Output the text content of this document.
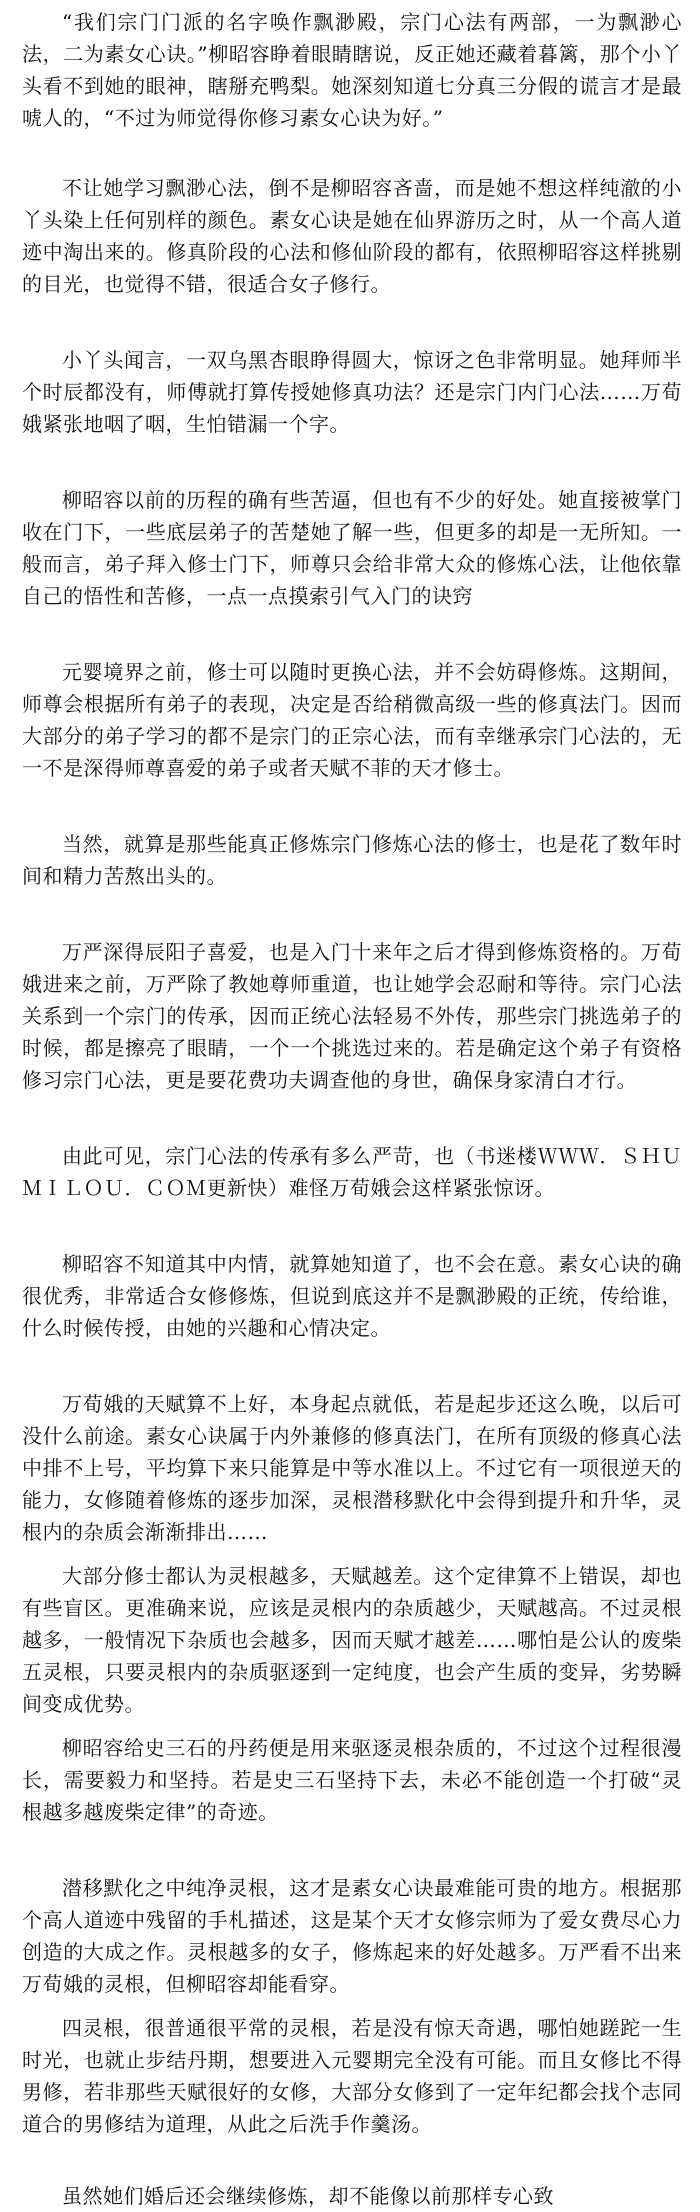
“我们宗门门派的名字唤作飘渺殿，宗门心法有两部，一为飘渺心法，二为素女心诀。”柳昭容睁着眼睛瞎说，反正她还藏着暮篱，那个小丫头看不到她的眼神，瞎掰充鸭梨。她深刻知道七分真三分假的谎言才是最唬人的，“不过为师觉得你修习素女心诀为好。”

不让她学习飘渺心法，倒不是柳昭容吝啬，而是她不想这样纯澈的小丫头染上任何别样的颜色。素女心诀是她在仙界游历之时，从一个高人道迹中淘出来的。修真阶段的心法和修仙阶段的都有，依照柳昭容这样挑剔的目光，也觉得不错，很适合女子修行。

小丫头闻言，一双乌黑杏眼睁得圆大，惊讶之色非常明显。她拜师半个时辰都没有，师傅就打算传授她修真功法？还是宗门内门心法……万荀娥紧张地咽了咽，生怕错漏一个字。

柳昭容以前的历程的确有些苦逼，但也有不少的好处。她直接被掌门收在门下，一些底层弟子的苦楚她了解一些，但更多的却是一无所知。一般而言，弟子拜入修士门下，师尊只会给非常大众的修炼心法，让他依靠自己的悟性和苦修，一点一点摸索引气入门的诀窍

元婴境界之前，修士可以随时更换心法，并不会妨碍修炼。这期间，师尊会根据所有弟子的表现，决定是否给稍微高级一些的修真法门。因而大部分的弟子学习的都不是宗门的正宗心法，而有幸继承宗门心法的，无一不是深得师尊喜爱的弟子或者天赋不菲的天才修士。

当然，就算是那些能真正修炼宗门修炼心法的修士，也是花了数年时间和精力苦熬出头的。

万严深得辰阳子喜爱，也是入门十来年之后才得到修炼资格的。万荀娥进来之前，万严除了教她尊师重道，也让她学会忍耐和等待。宗门心法关系到一个宗门的传承，因而正统心法轻易不外传，那些宗门挑选弟子的时候，都是擦亮了眼睛，一个一个挑选过来的。若是确定这个弟子有资格修习宗门心法，更是要花费功夫调查他的身世，确保身家清白才行。

由此可见，宗门心法的传承有多么严苛，也（书迷楼ＷＷＷ．ＳＨＵＭＩＬＯＵ．ＣＯＭ更新快）难怪万荀娥会这样紧张惊讶。

柳昭容不知道其中内情，就算她知道了，也不会在意。素女心诀的确很优秀，非常适合女修修炼，但说到底这并不是飘渺殿的正统，传给谁，什么时候传授，由她的兴趣和心情决定。

万荀娥的天赋算不上好，本身起点就低，若是起步还这么晚，以后可没什么前途。素女心诀属于内外兼修的修真法门，在所有顶级的修真心法中排不上号，平均算下来只能算是中等水准以上。不过它有一项很逆天的能力，女修随着修炼的逐步加深，灵根潜移默化中会得到提升和升华，灵根内的杂质会渐渐排出……

大部分修士都认为灵根越多，天赋越差。这个定律算不上错误，却也有些盲区。更准确来说，应该是灵根内的杂质越少，天赋越高。不过灵根越多，一般情况下杂质也会越多，因而天赋才越差……哪怕是公认的废柴五灵根，只要灵根内的杂质驱逐到一定纯度，也会产生质的变异，劣势瞬间变成优势。

柳昭容给史三石的丹药便是用来驱逐灵根杂质的，不过这个过程很漫长，需要毅力和坚持。若是史三石坚持下去，未必不能创造一个打破“灵根越多越废柴定律”的奇迹。

潜移默化之中纯净灵根，这才是素女心诀最难能可贵的地方。根据那个高人道迹中残留的手札描述，这是某个天才女修宗师为了爱女费尽心力创造的大成之作。灵根越多的女子，修炼起来的好处越多。万严看不出来万荀娥的灵根，但柳昭容却能看穿。

四灵根，很普通很平常的灵根，若是没有惊天奇遇，哪怕她蹉跎一生时光，也就止步结丹期，想要进入元婴期完全没有可能。而且女修比不得男修，若非那些天赋很好的女修，大部分女修到了一定年纪都会找个志同道合的男修结为道理，从此之后洗手作羹汤。

虽然她们婚后还会继续修炼，却不能像以前那样专心致
